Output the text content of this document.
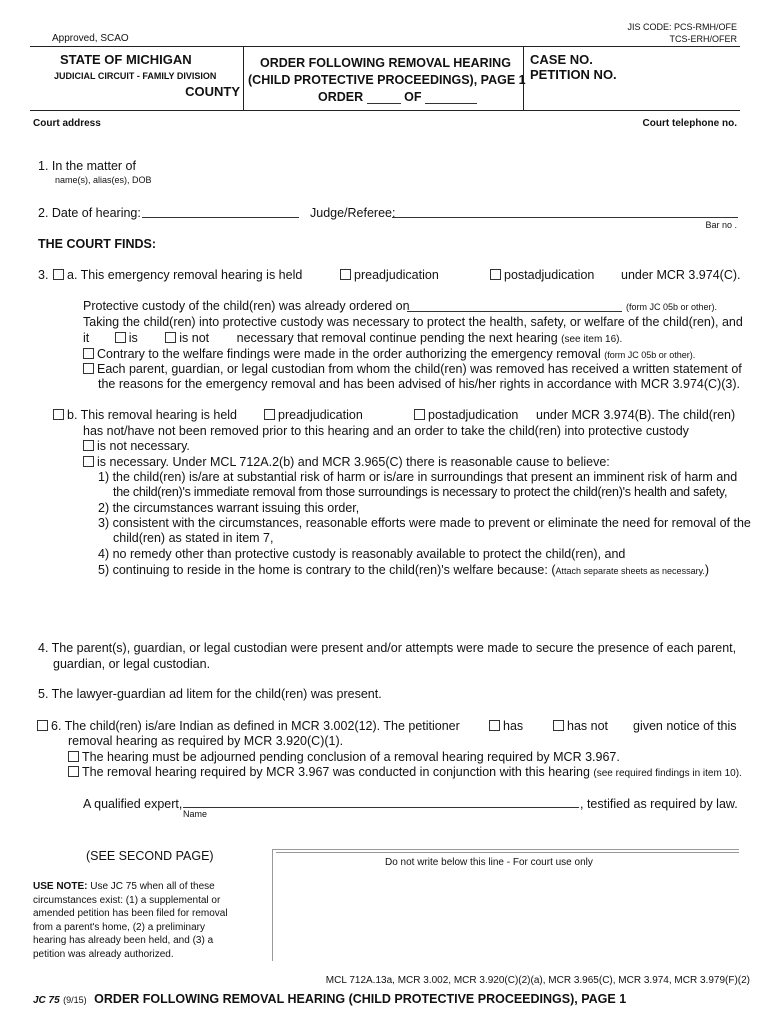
Approved, SCAO
JIS CODE: PCS-RMH/OFE
TCS-ERH/OFER
STATE OF MICHIGAN
JUDICIAL CIRCUIT - FAMILY DIVISION
COUNTY
ORDER FOLLOWING REMOVAL HEARING
(CHILD PROTECTIVE PROCEEDINGS), PAGE 1
ORDER	OF
CASE NO.
PETITION NO.
Court address	Court telephone no.
1. In the matter of
name(s), alias(es), DOB
2. Date of hearing:	Judge/Referee:
Bar no .
THE COURT FINDS:
3.	a. This emergency removal hearing is held	preadjudication	postadjudication under MCR 3.974(C).
Protective custody of the child(ren) was already ordered on	(form JC 05b or other).
Taking the child(ren) into protective custody was necessary to protect the health, safety, or welfare of the child(ren), and
it	is	is not necessary that removal continue pending the next hearing (see item 16).
Contrary to the welfare findings were made in the order authorizing the emergency removal (form JC 05b or other).
Each parent, guardian, or legal custodian from whom the child(ren) was removed has received a written statement of
the reasons for the emergency removal and has been advised of his/her rights in accordance with MCR 3.974(C)(3).
b. This removal hearing is held	preadjudication	postadjudication under MCR 3.974(B). The child(ren)
has not/have not been removed prior to this hearing and an order to take the child(ren) into protective custody
is not necessary.
is necessary. Under MCL 712A.2(b) and MCR 3.965(C) there is reasonable cause to believe:
1) the child(ren) is/are at substantial risk of harm or is/are in surroundings that present an imminent risk of harm and
the child(ren)'s immediate removal from those surroundings is necessary to protect the child(ren)'s health and safety,
2) the circumstances warrant issuing this order,
3) consistent with the circumstances, reasonable efforts were made to prevent or eliminate the need for removal of the
child(ren) as stated in item 7,
4) no remedy other than protective custody is reasonably available to protect the child(ren), and
5) continuing to reside in the home is contrary to the child(ren)'s welfare because: (Attach separate sheets as necessary.)
4. The parent(s), guardian, or legal custodian were present and/or attempts were made to secure the presence of each parent,
guardian, or legal custodian.
5. The lawyer-guardian ad litem for the child(ren) was present.
6. The child(ren) is/are Indian as defined in MCR 3.002(12). The petitioner	has	has not given notice of this
removal hearing as required by MCR 3.920(C)(1).
The hearing must be adjourned pending conclusion of a removal hearing required by MCR 3.967.
The removal hearing required by MCR 3.967 was conducted in conjunction with this hearing (see required findings in item 10).
A qualified expert,
Name
, testified as required by law.
(SEE SECOND PAGE)	Do not write below this line - For court use only
USE NOTE: Use JC 75 when all of these
circumstances exist: (1) a supplemental or
amended petition has been filed for removal
from a parent's home, (2) a preliminary
hearing has already been held, and (3) a
petition was already authorized.
MCL 712A.13a, MCR 3.002, MCR 3.920(C)(2)(a), MCR 3.965(C), MCR 3.974, MCR 3.979(F)(2)
JC 75 (9/15) ORDER FOLLOWING REMOVAL HEARING (CHILD PROTECTIVE PROCEEDINGS), PAGE 1
